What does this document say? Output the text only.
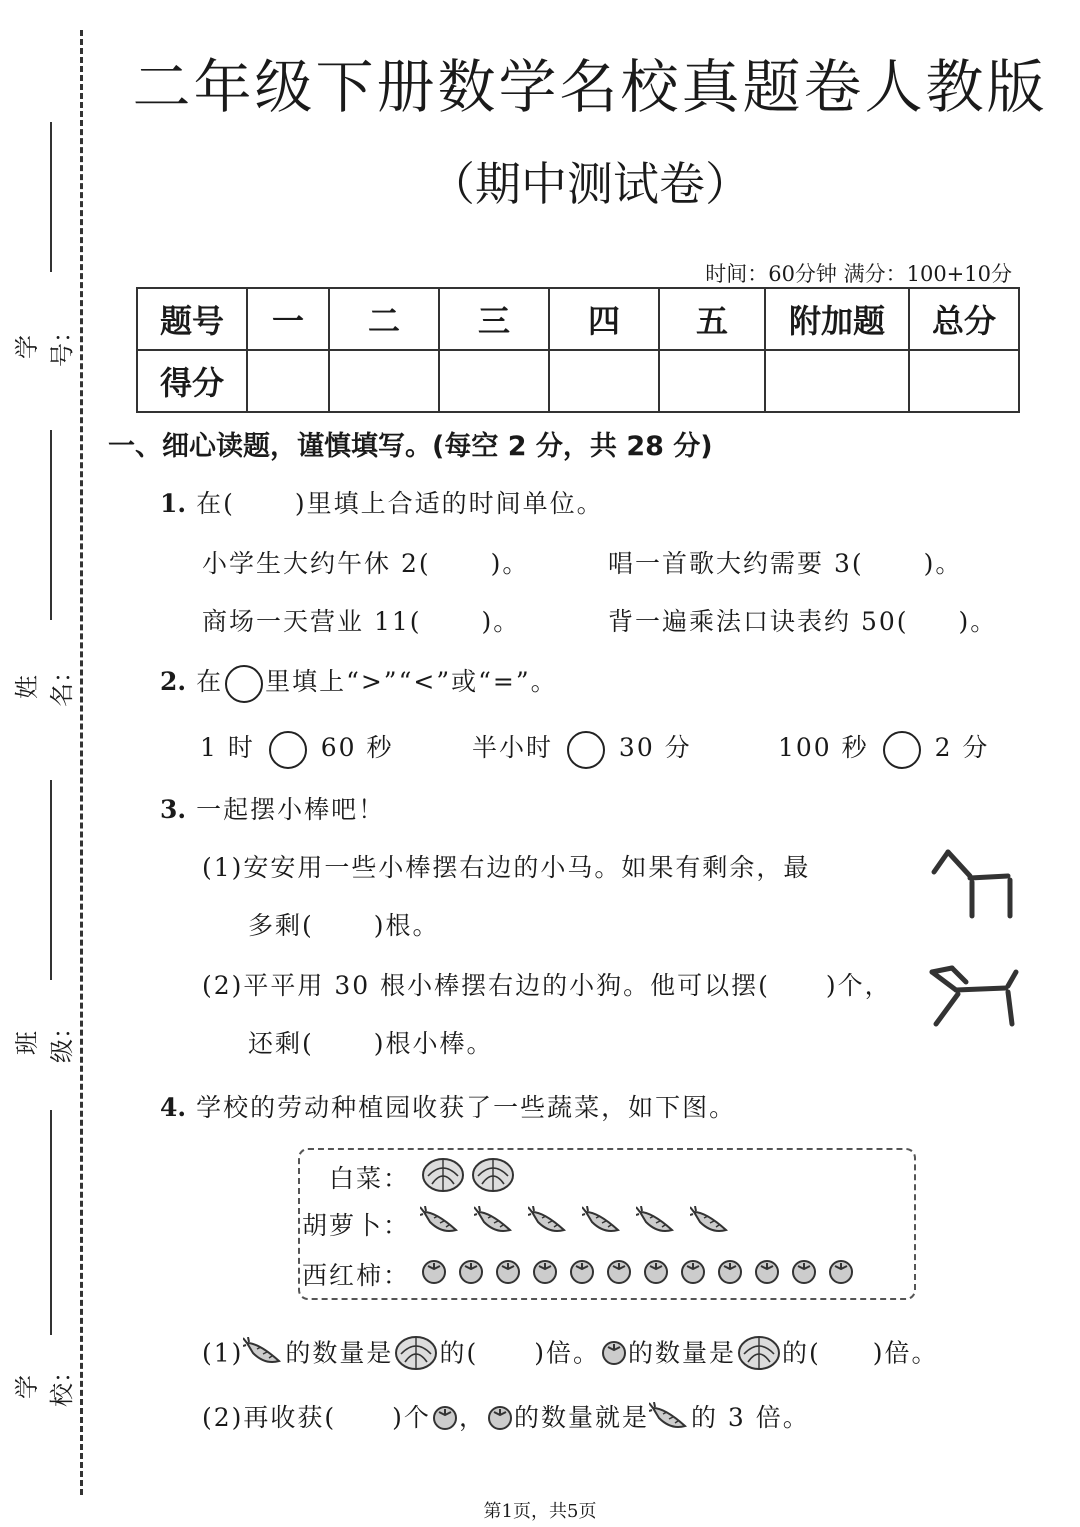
学号：
姓名：
班级：
学校：
二年级下册数学名校真题卷人教版
（期中测试卷）
时间：60分钟 满分：100+10分
题号	一	二	三	四	五	附加题	总分
得分							
一、细心读题，谨慎填写。(每空 2 分，共 28 分)
1. 在( )里填上合适的时间单位。
小学生大约午休 2( )。	唱一首歌大约需要 3( )。
商场一天营业 11( )。	背一遍乘法口诀表约 50( )。
2. 在 里填上“>”“<”或“=”。
1 时	60 秒	半小时	30 分	100 秒	2 分
3. 一起摆小棒吧！
(1)安安用一些小棒摆右边的小马。如果有剩余，最
多剩( )根。
(2)平平用 30 根小棒摆右边的小狗。他可以摆( )个，
还剩( )根小棒。
4. 学校的劳动种植园收获了一些蔬菜，如下图。
白菜：
胡萝卜：
西红柿：
(1) 的数量是 的( )倍。 的数量是 的( )倍。
(2)再收获( )个 ， 的数量就是 的 3 倍。
第1页，共5页
